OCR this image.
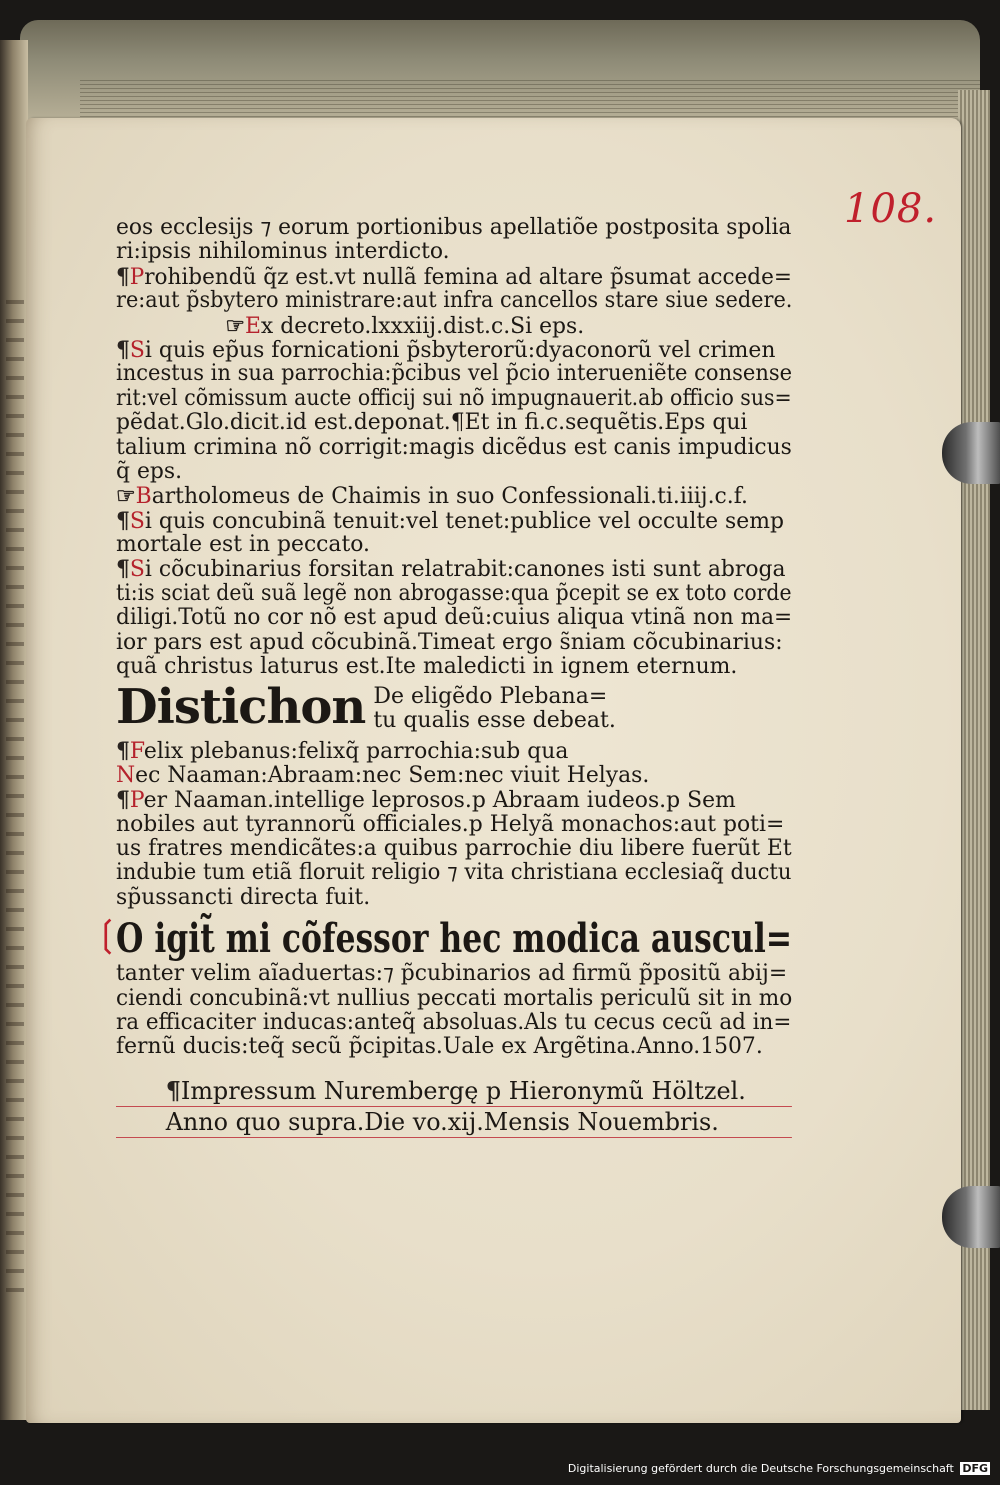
108.
eos ecclesijs ⁊ eorum portionibus apellatiõe postposita spolia
ri:ipsis nihilominus interdicto.
¶Prohibendũ q̃z est.vt nullã femina ad altare p̃sumat accede=
re:aut p̃sbytero ministrare:aut infra cancellos stare siue sedere.
☞Ex decreto.lxxxiij.dist.c.Si eps.
¶Si quis ep̃us fornicationi p̃sbyterorũ:dyaconorũ vel crimen
incestus in sua parrochia:p̃cibus vel p̃cio interueniẽte consense
rit:vel cõmissum aucte officij sui nõ impugnauerit.ab officio sus=
pẽdat.Glo.dicit.id est.deponat.¶Et in fi.c.sequẽtis.Eps qui
talium crimina nõ corrigit:magis dicẽdus est canis impudicus
q̃ eps.
☞Bartholomeus de Chaimis in suo Confessionali.ti.iiij.c.f.
¶Si quis concubinã tenuit:vel tenet:publice vel occulte semp
mortale est in peccato.
¶Si cõcubinarius forsitan relatrabit:canones isti sunt abroga
ti:is sciat deũ suã legẽ non abrogasse:qua p̃cepit se ex toto corde
diligi.Totũ no cor nõ est apud deũ:cuius aliqua vtinã non ma=
ior pars est apud cõcubinã.Timeat ergo s̃niam cõcubinarius:
quã christus laturus est.Ite maledicti in ignem eternum.
Distichon De eligẽdo Plebana=
tu qualis esse debeat.
¶Felix plebanus:felixq̃ parrochia:sub qua
Nec Naaman:Abraam:nec Sem:nec viuit Helyas.
¶Per Naaman.intellige leprosos.p Abraam iudeos.p Sem
nobiles aut tyrannorũ officiales.p Helyã monachos:aut poti=
us fratres mendicãtes:a quibus parrochie diu libere fuerũt Et
indubie tum etiã floruit religio ⁊ vita christiana ecclesiaq̃ ductu
sp̃ussancti directa fuit.
❲
O igit̃ mi cõfessor hec modica auscul=
tanter velim aĩaduertas:⁊ p̃cubinarios ad firmũ p̃positũ abij=
ciendi concubinã:vt nullius peccati mortalis periculũ sit in mo
ra efficaciter inducas:anteq̃ absoluas.Als tu cecus cecũ ad in=
fernũ ducis:teq̃ secũ p̃cipitas.Uale ex Argẽtina.Anno.1507.
¶Impressum Nurembergę p Hieronymũ Höltzel.
Anno quo supra.Die vo.xij.Mensis Nouembris.
Digitalisierung gefördert durch die Deutsche Forschungsgemeinschaft DFG
